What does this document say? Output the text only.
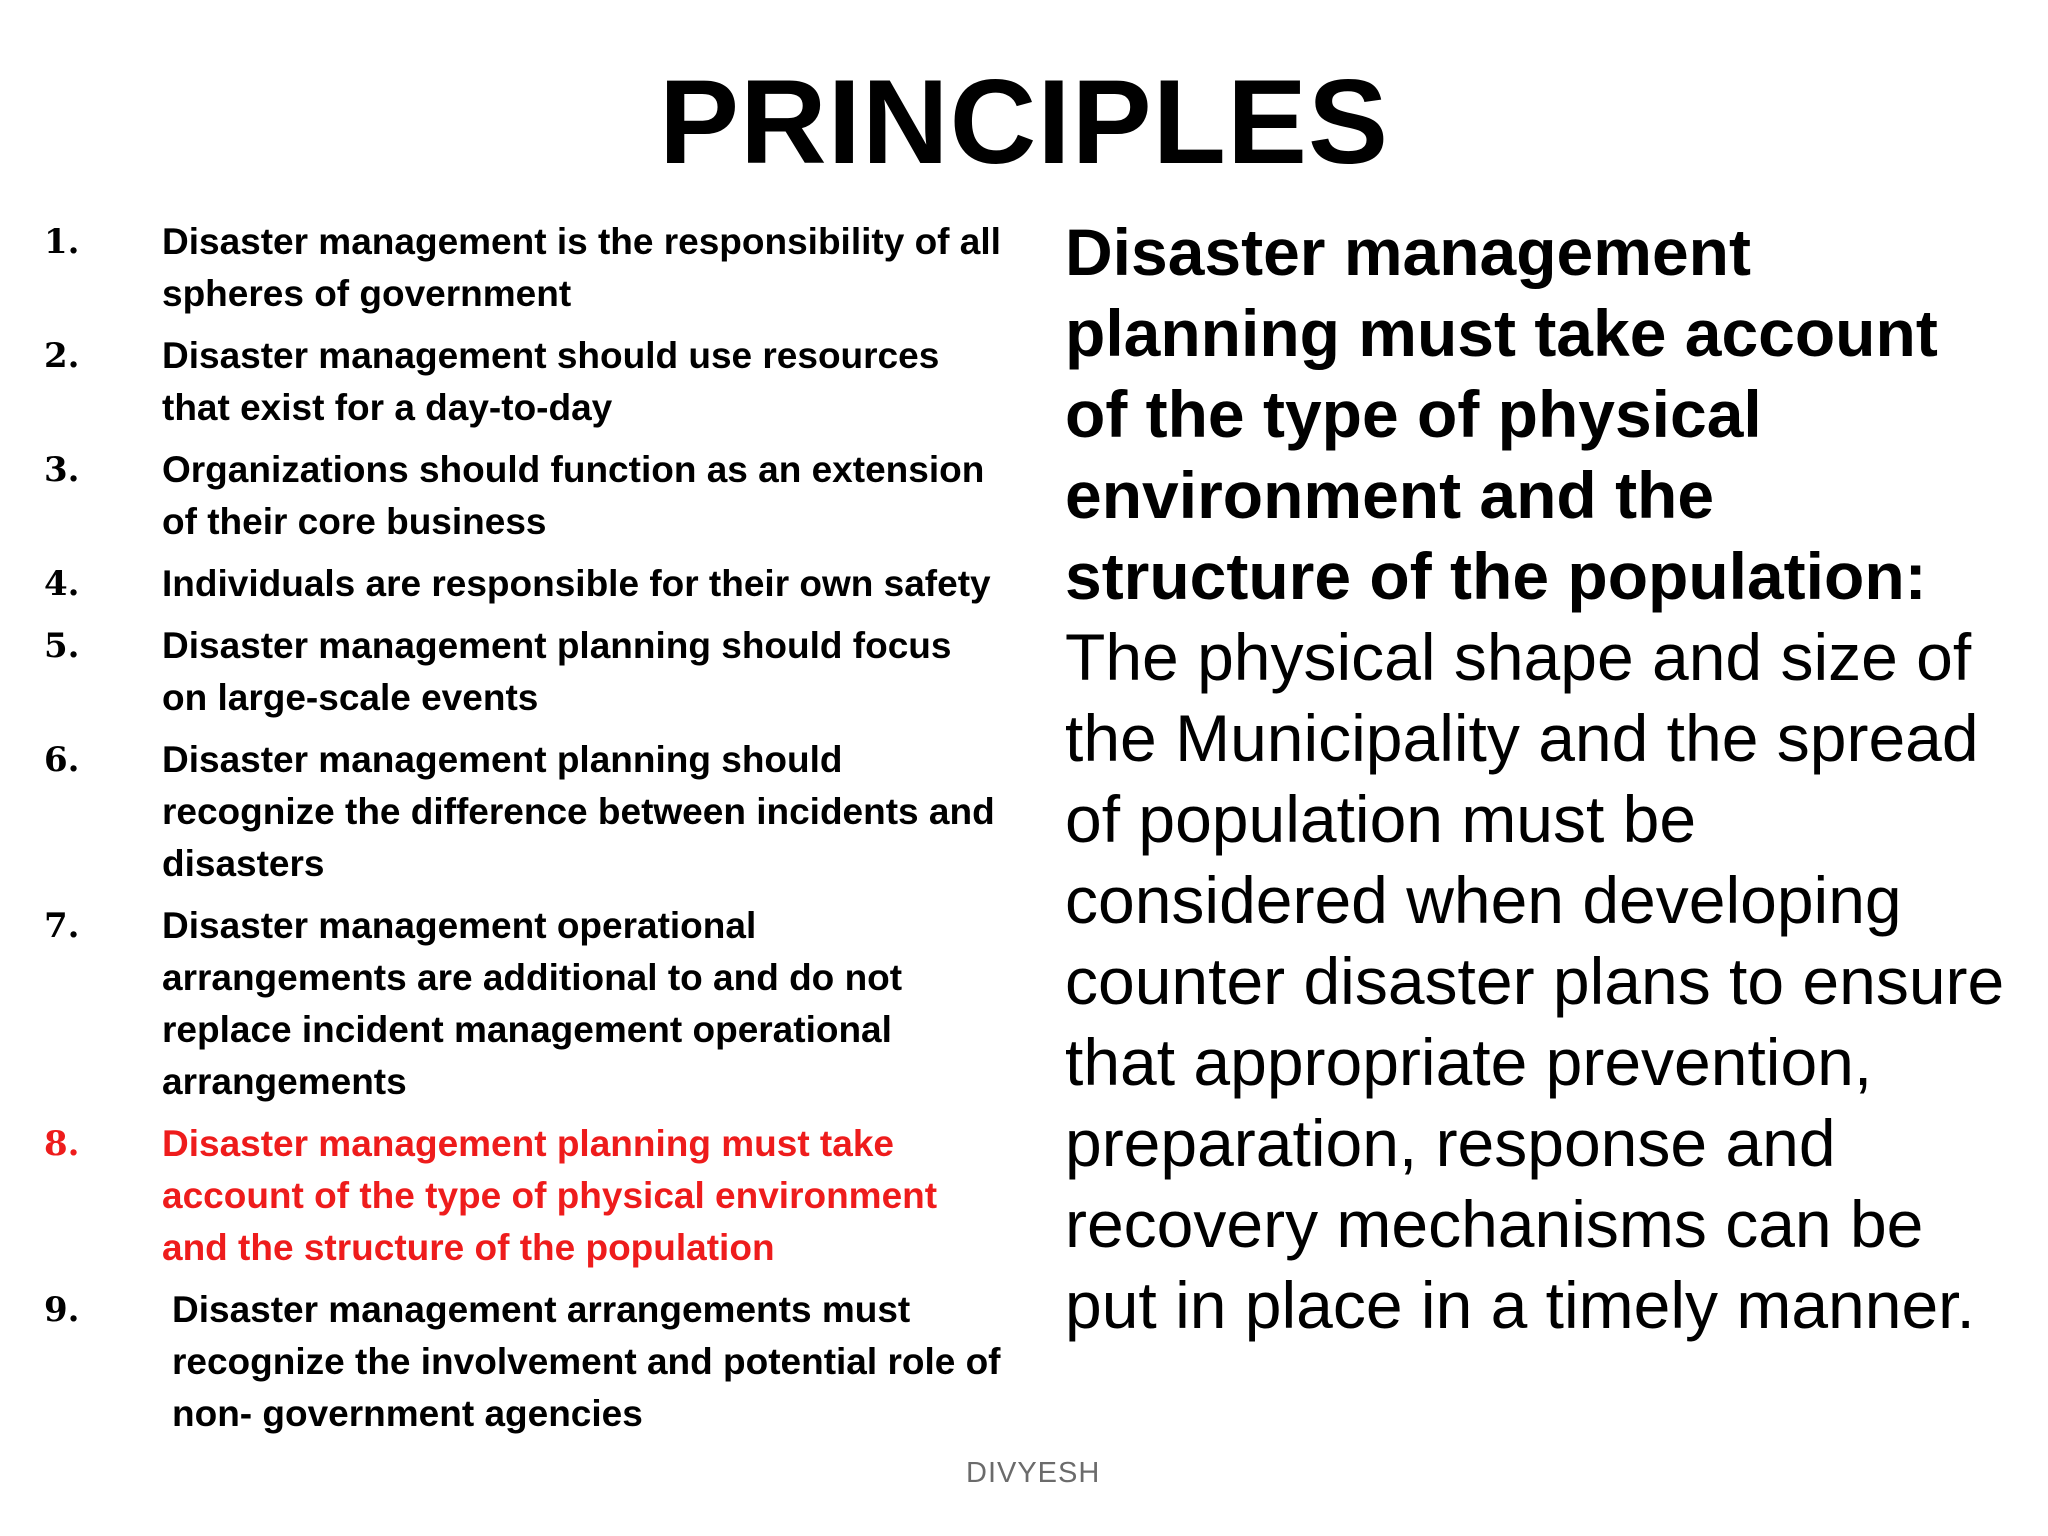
PRINCIPLES
1.	Disaster management is the responsibility of all spheres of government
2.	Disaster management should use resources that exist for a day-to-day
3.	Organizations should function as an extension of their core business
4.	Individuals are responsible for their own safety
5.	Disaster management planning should focus on large-scale events
6.	Disaster management planning should recognize the difference between incidents and disasters
7.	Disaster management operational arrangements are additional to and do not replace incident management operational arrangements
8.	Disaster management planning must take account of the type of physical environment and the structure of the population
9.	Disaster management arrangements must recognize the involvement and potential role of non- government agencies
Disaster management planning must take account of the type of physical environment and the structure of the population: The physical shape and size of the Municipality and the spread of population must be considered when developing counter disaster plans to ensure that appropriate prevention, preparation, response and recovery mechanisms can be put in place in a timely manner.
DIVYESH
